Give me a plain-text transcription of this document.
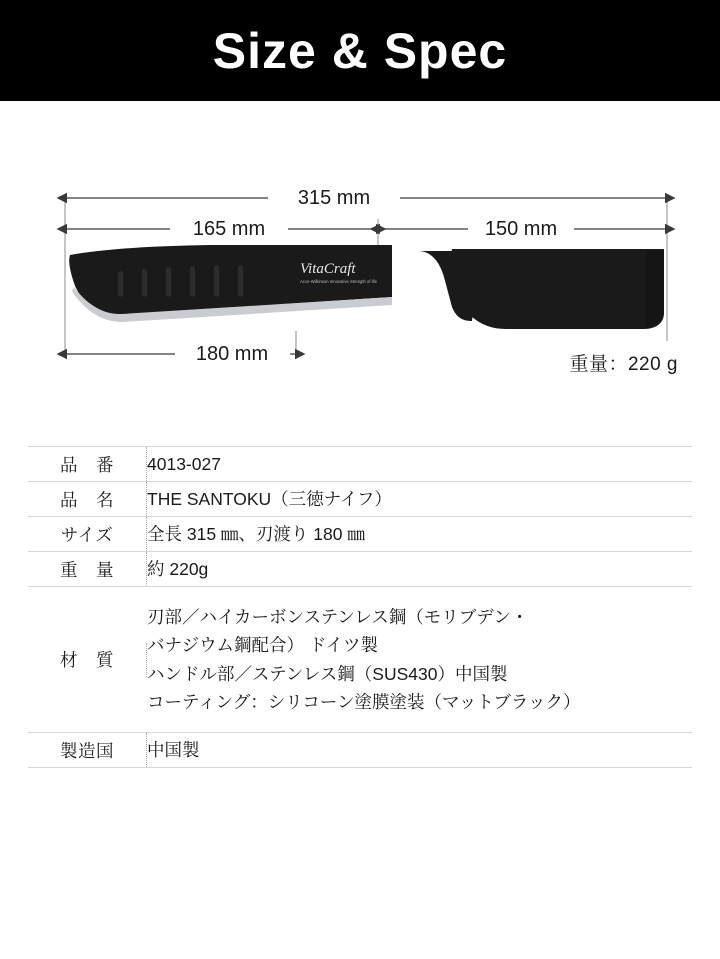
Size & Spec
315 mm
165 mm	150 mm
VitaCraft
Acce-Wilkinson Innovative Strength of life
180 mm	重量：220 g
品　番		4013-027

品　名		THE SANTOKU（三徳ナイフ）

サイズ		全長 315 ㎜、刃渡り 180 ㎜

重　量		約 220g

材　質		刃部／ハイカーボンステンレス鋼（モリブデン・
バナジウム鋼配合） ドイツ製
ハンドル部／ステンレス鋼（SUS430）中国製
コーティング：シリコーン塗膜塗装（マットブラック）

製造国		中国製
